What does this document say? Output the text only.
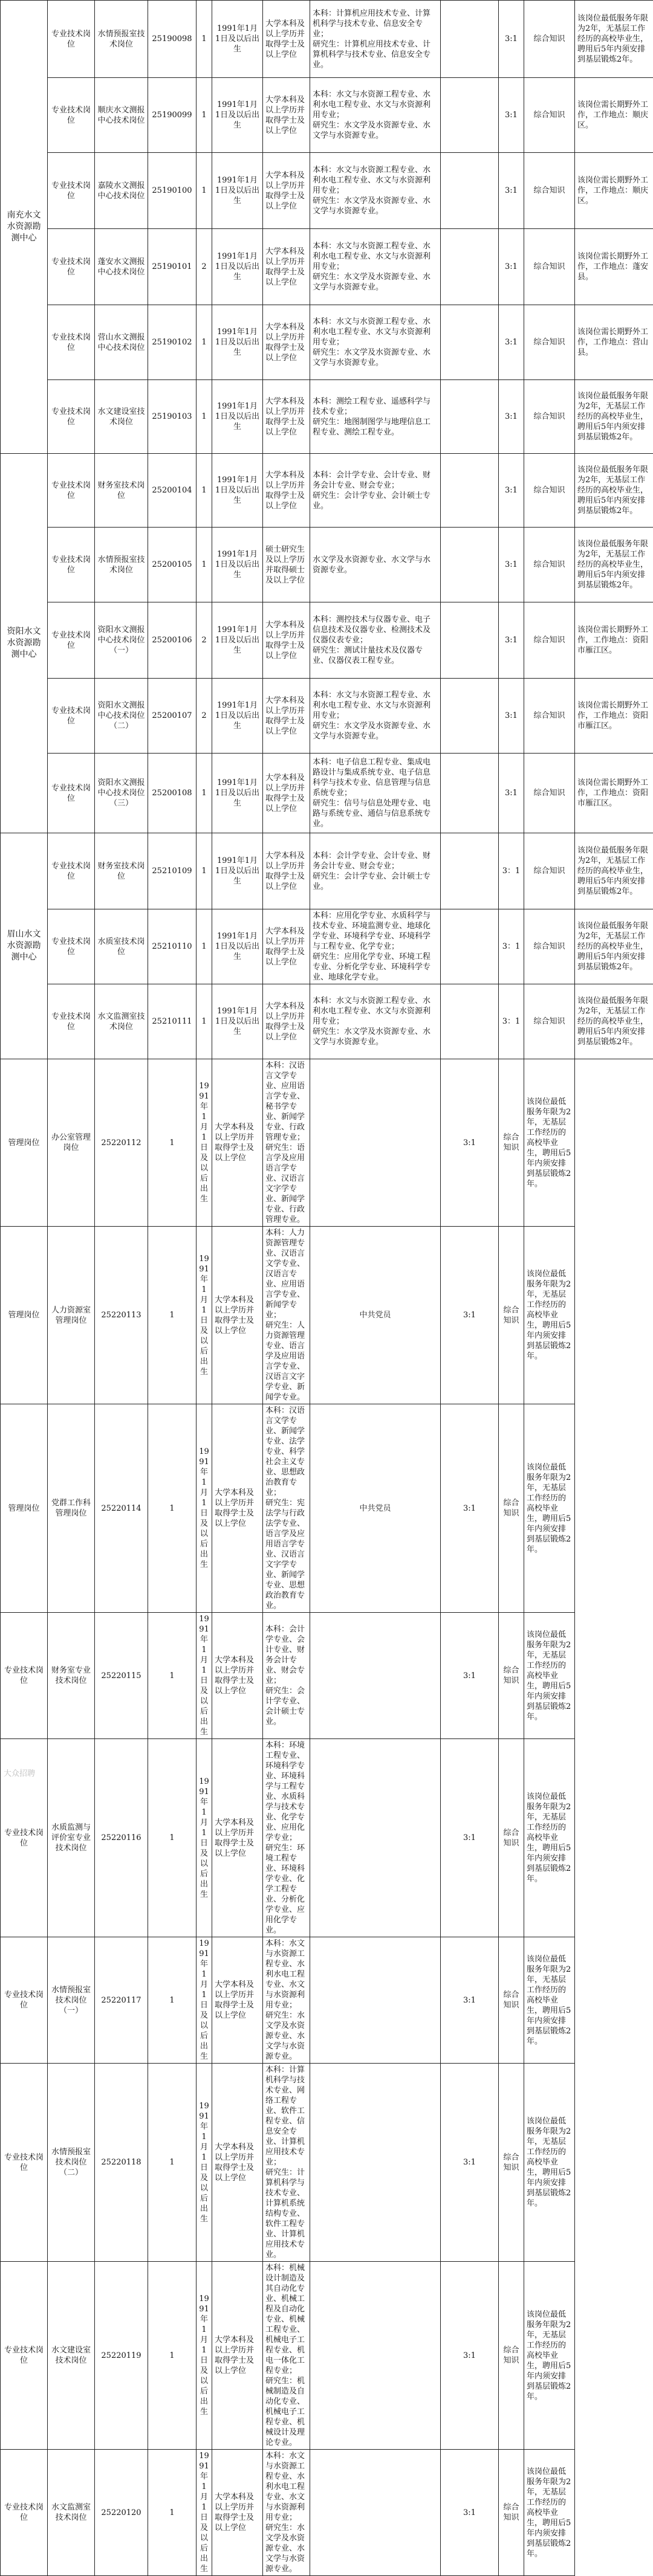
南充水文水资源勘测中心	专业技术岗位	水情预报室技术岗位	25190098	1	1991年1月1日及以后出生	大学本科及以上学历并取得学士及以上学位	本科：计算机应用技术专业、计算机科学与技术专业、信息安全专业；
研究生：计算机应用技术专业、计算机科学与技术专业、信息安全专业。		3:1	综合知识	该岗位最低服务年限为2年，无基层工作经历的高校毕业生，聘用后5年内须安排到基层锻炼2年。
	专业技术岗位	顺庆水文测报中心技术岗位	25190099	1	1991年1月1日及以后出生	大学本科及以上学历并取得学士及以上学位	本科：水文与水资源工程专业、水利水电工程专业、水文与水资源利用专业；
研究生：水文学及水资源专业、水文学与水资源专业。		3:1	综合知识	该岗位需长期野外工作，工作地点：顺庆区。
	专业技术岗位	嘉陵水文测报中心技术岗位	25190100	1	1991年1月1日及以后出生	大学本科及以上学历并取得学士及以上学位	本科：水文与水资源工程专业、水利水电工程专业、水文与水资源利用专业；
研究生：水文学及水资源专业、水文学与水资源专业。		3:1	综合知识	该岗位需长期野外工作，工作地点：顺庆区。
	专业技术岗位	蓬安水文测报中心技术岗位	25190101	2	1991年1月1日及以后出生	大学本科及以上学历并取得学士及以上学位	本科：水文与水资源工程专业、水利水电工程专业、水文与水资源利用专业；
研究生：水文学及水资源专业、水文学与水资源专业。		3:1	综合知识	该岗位需长期野外工作，工作地点：蓬安县。
	专业技术岗位	营山水文测报中心技术岗位	25190102	1	1991年1月1日及以后出生	大学本科及以上学历并取得学士及以上学位	本科：水文与水资源工程专业、水利水电工程专业、水文与水资源利用专业；
研究生：水文学及水资源专业、水文学与水资源专业。		3:1	综合知识	该岗位需长期野外工作，工作地点：营山县。
	专业技术岗位	水文建设室技术岗位	25190103	1	1991年1月1日及以后出生	大学本科及以上学历并取得学士及以上学位	本科：测绘工程专业、遥感科学与技术专业；
研究生：地图制图学与地理信息工程专业、测绘工程专业。		3:1	综合知识	该岗位最低服务年限为2年，无基层工作经历的高校毕业生，聘用后5年内须安排到基层锻炼2年。
资阳水文水资源勘测中心	专业技术岗位	财务室技术岗位	25200104	1	1991年1月1日及以后出生	大学本科及以上学历并取得学士及以上学位	本科：会计学专业、会计专业、财务会计专业、财会专业；
研究生：会计学专业、会计硕士专业。		3:1	综合知识	该岗位最低服务年限为2年，无基层工作经历的高校毕业生，聘用后5年内须安排到基层锻炼2年。
	专业技术岗位	水情预报室技术岗位	25200105	1	1991年1月1日及以后出生	硕士研究生及以上学历并取得硕士及以上学位	水文学及水资源专业、水文学与水资源专业。		3:1	综合知识	该岗位最低服务年限为2年，无基层工作经历的高校毕业生，聘用后5年内须安排到基层锻炼2年。
	专业技术岗位	资阳水文测报中心技术岗位（一）	25200106	2	1991年1月1日及以后出生	大学本科及以上学历并取得学士及以上学位	本科：测控技术与仪器专业、电子信息技术及仪器专业、检测技术及仪器仪表专业；
研究生：测试计量技术及仪器专业、仪器仪表工程专业。		3:1	综合知识	该岗位需长期野外工作，工作地点：资阳市雁江区。
	专业技术岗位	资阳水文测报中心技术岗位（二）	25200107	2	1991年1月1日及以后出生	大学本科及以上学历并取得学士及以上学位	本科：水文与水资源工程专业、水利水电工程专业、水文与水资源利用专业；
研究生：水文学及水资源专业、水文学与水资源专业。		3:1	综合知识	该岗位需长期野外工作，工作地点：资阳市雁江区。
	专业技术岗位	资阳水文测报中心技术岗位（三）	25200108	1	1991年1月1日及以后出生	大学本科及以上学历并取得学士及以上学位	本科：电子信息工程专业、集成电路设计与集成系统专业、电子信息科学与技术专业、信息管理与信息系统专业；
研究生：信号与信息处理专业、电路与系统专业、通信与信息系统专业。		3:1	综合知识	该岗位需长期野外工作，工作地点：资阳市雁江区。
眉山水文水资源勘测中心	专业技术岗位	财务室技术岗位	25210109	1	1991年1月1日及以后出生	大学本科及以上学历并取得学士及以上学位	本科：会计学专业、会计专业、财务会计专业、财会专业；
研究生：会计学专业、会计硕士专业。		3：1	综合知识	该岗位最低服务年限为2年，无基层工作经历的高校毕业生，聘用后5年内须安排到基层锻炼2年。
	专业技术岗位	水质室技术岗位	25210110	1	1991年1月1日及以后出生	大学本科及以上学历并取得学士及以上学位	本科：应用化学专业、水质科学与技术专业、环境监测专业、地球化学专业、环境科学专业、环境科学与工程专业、化学专业；
研究生：应用化学专业、环境工程专业、分析化学专业、环境科学专业、地球化学专业。		3：1	综合知识	该岗位最低服务年限为2年，无基层工作经历的高校毕业生，聘用后5年内须安排到基层锻炼2年。
	专业技术岗位	水文监测室技术岗位	25210111	1	1991年1月1日及以后出生	大学本科及以上学历并取得学士及以上学位	本科：水文与水资源工程专业、水利水电工程专业、水文与水资源利用专业；
研究生：水文学及水资源专业、水文学与水资源专业。		3：1	综合知识	该岗位最低服务年限为2年，无基层工作经历的高校毕业生，聘用后5年内须安排到基层锻炼2年。
管理岗位	办公室管理岗位	25220112	1	1991年1月1日及以后出生	大学本科及以上学历并取得学士及以上学位	本科：汉语言文学专业、应用语言学专业、秘书学专业、新闻学专业、行政管理专业；
研究生：语言学及应用语言学专业、汉语言文字学专业、新闻学专业、行政管理专业。		3:1	综合知识	该岗位最低服务年限为2年，无基层工作经历的高校毕业生，聘用后5年内须安排到基层锻炼2年。	
管理岗位	人力资源室管理岗位	25220113	1	1991年1月1日及以后出生	大学本科及以上学历并取得学士及以上学位	本科：人力资源管理专业、汉语言文学专业、汉语言专业、应用语言学专业、新闻学专业；
研究生：人力资源管理专业、语言学及应用语言学专业、汉语言文字学专业、新闻学专业。	中共党员	3:1	综合知识	该岗位最低服务年限为2年，无基层工作经历的高校毕业生，聘用后5年内须安排到基层锻炼2年。	
管理岗位	党群工作科管理岗位	25220114	1	1991年1月1日及以后出生	大学本科及以上学历并取得学士及以上学位	本科：汉语言文学专业、新闻学专业、法学专业、科学社会主义专业、思想政治教育专业；
研究生：宪法学与行政法学专业、语言学及应用语言学专业、汉语言文字学专业、新闻学专业、思想政治教育专业。	中共党员	3:1	综合知识	该岗位最低服务年限为2年，无基层工作经历的高校毕业生，聘用后5年内须安排到基层锻炼2年。	
专业技术岗位	财务室专业技术岗位	25220115	1	1991年1月1日及以后出生	大学本科及以上学历并取得学士及以上学位	本科：会计学专业、会计专业、财务会计专业、财会专业；
研究生：会计学专业、会计硕士专业。		3:1	综合知识	该岗位最低服务年限为2年，无基层工作经历的高校毕业生，聘用后5年内须安排到基层锻炼2年。	
专业技术岗位	水质监测与评价室专业技术岗位	25220116	1	1991年1月1日及以后出生	大学本科及以上学历并取得学士及以上学位	本科：环境工程专业、环境科学专业、环境科学与工程专业、水质科学与技术专业、化学专业、应用化学专业；
研究生：环境工程专业、环境科学专业、化学工程专业、分析化学专业、应用化学专业。		3:1	综合知识	该岗位最低服务年限为2年，无基层工作经历的高校毕业生，聘用后5年内须安排到基层锻炼2年。	
专业技术岗位	水情预报室技术岗位（一）	25220117	1	1991年1月1日及以后出生	大学本科及以上学历并取得学士及以上学位	本科：水文与水资源工程专业、水利水电工程专业、水文与水资源利用专业；
研究生：水文学及水资源专业、水文学与水资源专业。		3:1	综合知识	该岗位最低服务年限为2年，无基层工作经历的高校毕业生，聘用后5年内须安排到基层锻炼2年。	
专业技术岗位	水情预报室技术岗位（二）	25220118	1	1991年1月1日及以后出生	大学本科及以上学历并取得学士及以上学位	本科：计算机科学与技术专业、网络工程专业、软件工程专业、信息安全专业、计算机应用技术专业；
研究生：计算机科学与技术专业、计算机系统结构专业、软件工程专业、计算机应用技术专业。		3:1	综合知识	该岗位最低服务年限为2年，无基层工作经历的高校毕业生，聘用后5年内须安排到基层锻炼2年。	
专业技术岗位	水文建设室技术岗位	25220119	1	1991年1月1日及以后出生	大学本科及以上学历并取得学士及以上学位	本科：机械设计制造及其自动化专业、机械工程及自动化专业、机械工程专业、机械电子工程专业、机电一体化工程专业；
研究生：机械制造及自动化专业、机械电子工程专业、机械设计及理论专业。		3:1	综合知识	该岗位最低服务年限为2年，无基层工作经历的高校毕业生，聘用后5年内须安排到基层锻炼2年。	
专业技术岗位	水文监测室技术岗位	25220120	1	1991年1月1日及以后出生	大学本科及以上学历并取得学士及以上学位	本科：水文与水资源工程专业、水利水电工程专业、水文与水资源利用专业；
研究生：水文学及水资源专业、水文学与水资源专业。		3:1	综合知识	该岗位最低服务年限为2年，无基层工作经历的高校毕业生，聘用后5年内须安排到基层锻炼2年。	
大众招聘
